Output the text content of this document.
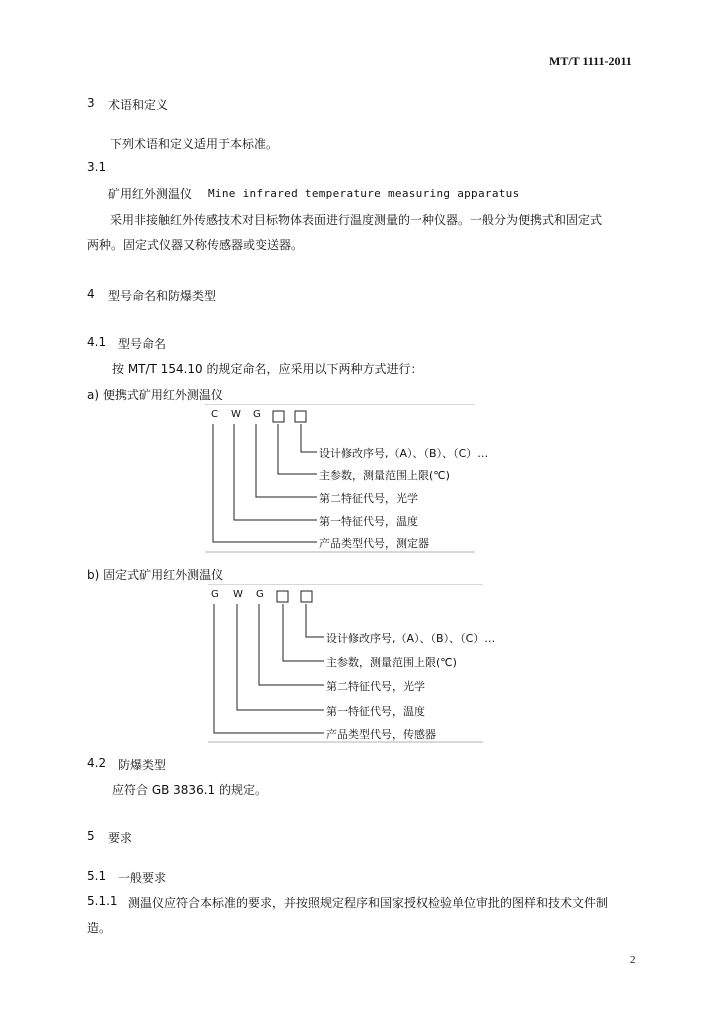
MT/T 1111-2011
3 术语和定义
下列术语和定义适用于本标准。
3.1
矿用红外测温仪 Mine infrared temperature measuring apparatus
采用非接触红外传感技术对目标物体表面进行温度测量的一种仪器。一般分为便携式和固定式
两种。固定式仪器又称传感器或变送器。
4 型号命名和防爆类型
4.1 型号命名
按 MT/T 154.10 的规定命名，应采用以下两种方式进行：
a) 便携式矿用红外测温仪
C W G
设计修改序号,（A）、（B）、（C）…
主参数，测量范围上限(℃)
第二特征代号，光学
第一特征代号，温度
产品类型代号，测定器
b) 固定式矿用红外测温仪
G W G
设计修改序号,（A）、（B）、（C）…
主参数，测量范围上限(℃)
第二特征代号，光学
第一特征代号，温度
产品类型代号，传感器
4.2 防爆类型
应符合 GB 3836.1 的规定。
5 要求
5.1 一般要求
5.1.1 测温仪应符合本标准的要求，并按照规定程序和国家授权检验单位审批的图样和技术文件制
造。
2
